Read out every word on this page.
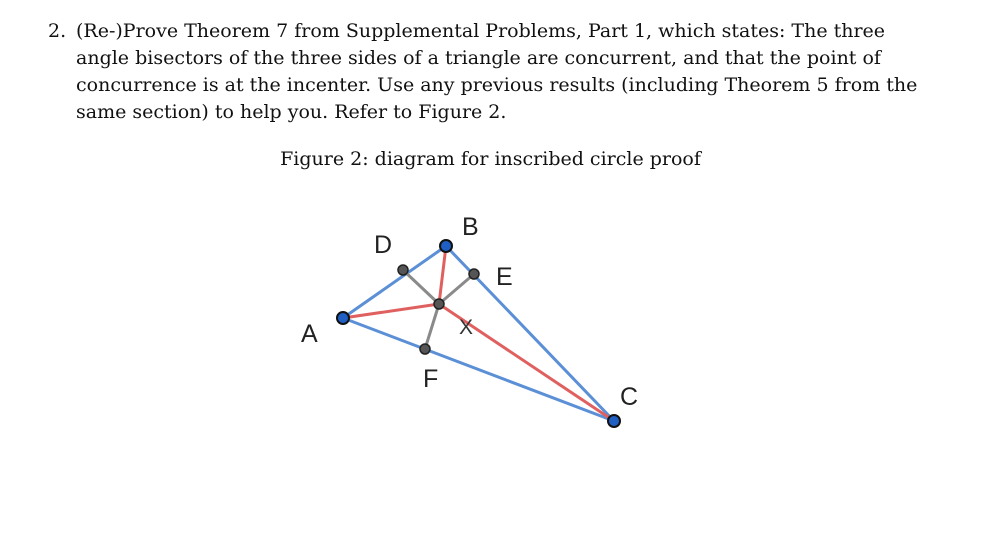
2. (Re-)Prove Theorem 7 from Supplemental Problems, Part 1, which states: The three angle bisectors of the three sides of a triangle are concurrent, and that the point of concurrence is at the incenter. Use any previous results (including Theorem 5 from the same section) to help you. Refer to Figure 2.
Figure 2: diagram for inscribed circle proof
A
B
C
D
E
F
X
